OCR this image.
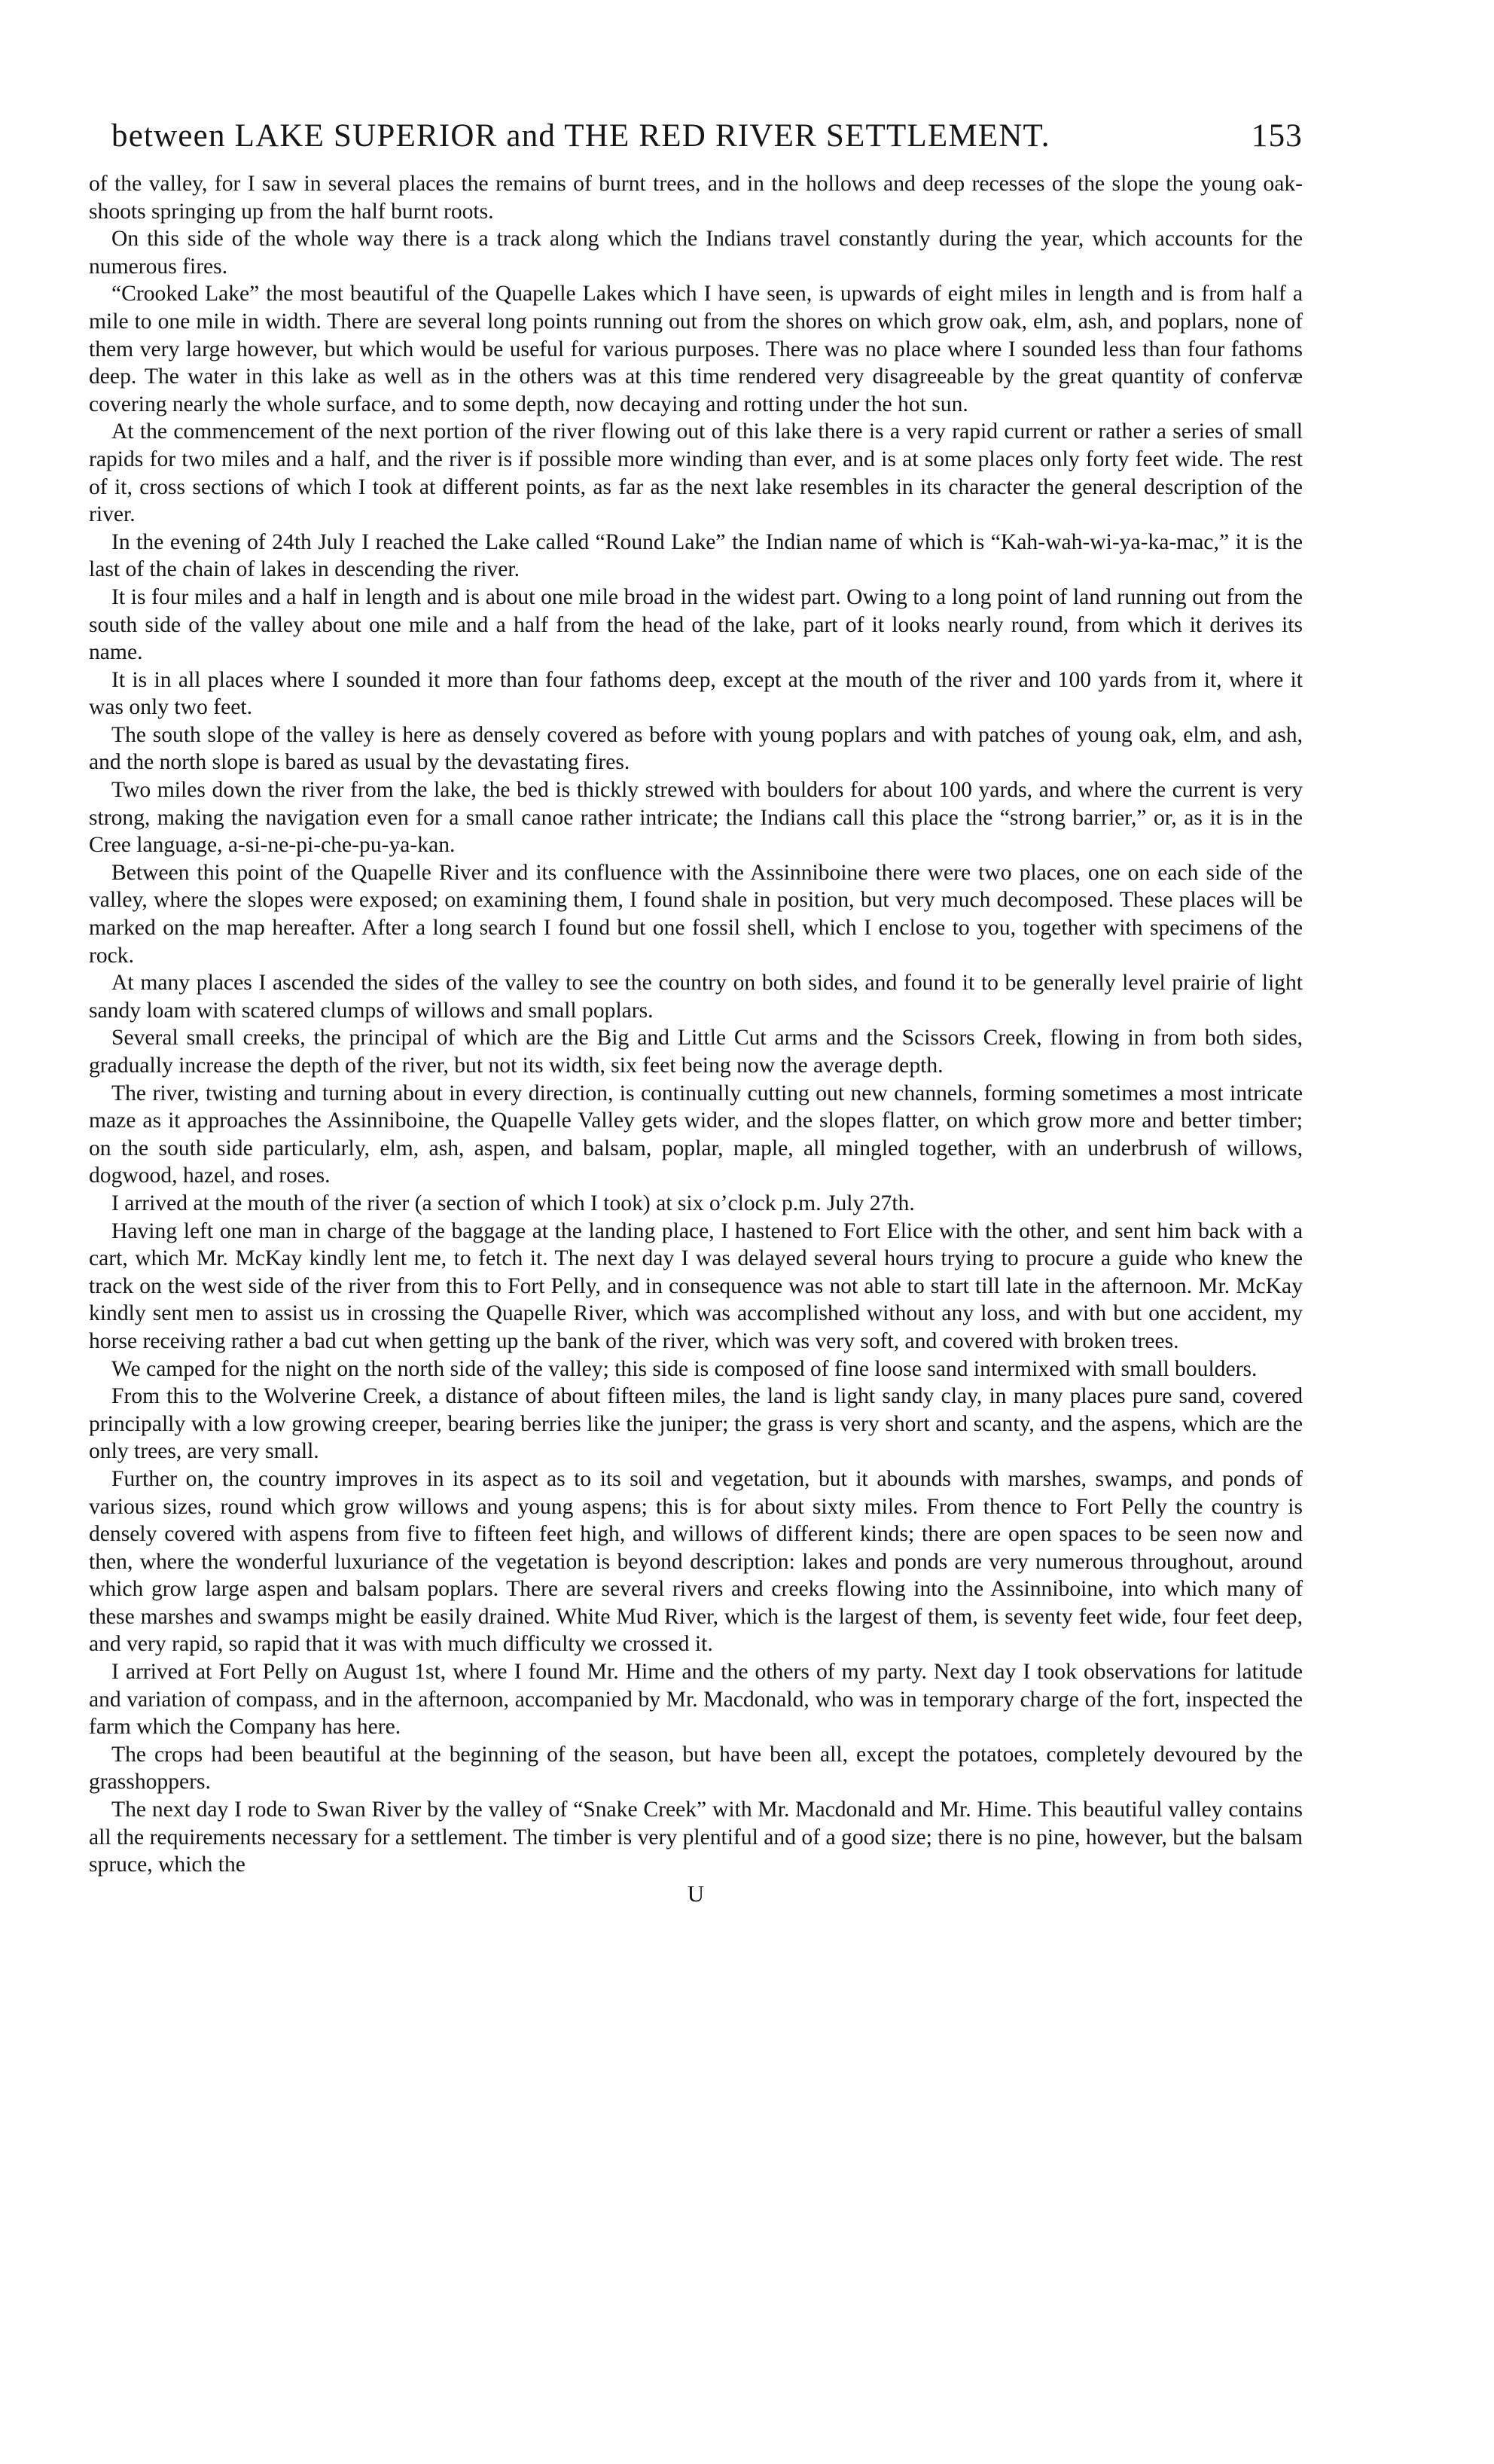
between LAKE SUPERIOR and THE RED RIVER SETTLEMENT.	153

of the valley, for I saw in several places the remains of burnt trees, and in the hollows and deep recesses of the slope the young oak-shoots springing up from the half burnt roots.

On this side of the whole way there is a track along which the Indians travel constantly during the year, which accounts for the numerous fires.

“Crooked Lake” the most beautiful of the Quapelle Lakes which I have seen, is upwards of eight miles in length and is from half a mile to one mile in width. There are several long points running out from the shores on which grow oak, elm, ash, and poplars, none of them very large however, but which would be useful for various purposes. There was no place where I sounded less than four fathoms deep. The water in this lake as well as in the others was at this time rendered very disagreeable by the great quantity of confervæ covering nearly the whole surface, and to some depth, now decaying and rotting under the hot sun.

At the commencement of the next portion of the river flowing out of this lake there is a very rapid current or rather a series of small rapids for two miles and a half, and the river is if possible more winding than ever, and is at some places only forty feet wide. The rest of it, cross sections of which I took at different points, as far as the next lake resembles in its character the general description of the river.

In the evening of 24th July I reached the Lake called “Round Lake” the Indian name of which is “Kah-wah-wi-ya-ka-mac,” it is the last of the chain of lakes in descending the river.

It is four miles and a half in length and is about one mile broad in the widest part. Owing to a long point of land running out from the south side of the valley about one mile and a half from the head of the lake, part of it looks nearly round, from which it derives its name.

It is in all places where I sounded it more than four fathoms deep, except at the mouth of the river and 100 yards from it, where it was only two feet.

The south slope of the valley is here as densely covered as before with young poplars and with patches of young oak, elm, and ash, and the north slope is bared as usual by the devastating fires.

Two miles down the river from the lake, the bed is thickly strewed with boulders for about 100 yards, and where the current is very strong, making the navigation even for a small canoe rather intricate; the Indians call this place the “strong barrier,” or, as it is in the Cree language, a-si-ne-pi-che-pu-ya-kan.

Between this point of the Quapelle River and its confluence with the Assinniboine there were two places, one on each side of the valley, where the slopes were exposed; on examining them, I found shale in position, but very much decomposed. These places will be marked on the map hereafter. After a long search I found but one fossil shell, which I enclose to you, together with specimens of the rock.

At many places I ascended the sides of the valley to see the country on both sides, and found it to be generally level prairie of light sandy loam with scatered clumps of willows and small poplars.

Several small creeks, the principal of which are the Big and Little Cut arms and the Scissors Creek, flowing in from both sides, gradually increase the depth of the river, but not its width, six feet being now the average depth.

The river, twisting and turning about in every direction, is continually cutting out new channels, forming sometimes a most intricate maze as it approaches the Assinniboine, the Quapelle Valley gets wider, and the slopes flatter, on which grow more and better timber; on the south side particularly, elm, ash, aspen, and balsam, poplar, maple, all mingled together, with an underbrush of willows, dogwood, hazel, and roses.

I arrived at the mouth of the river (a section of which I took) at six o’clock p.m. July 27th.

Having left one man in charge of the baggage at the landing place, I hastened to Fort Elice with the other, and sent him back with a cart, which Mr. McKay kindly lent me, to fetch it. The next day I was delayed several hours trying to procure a guide who knew the track on the west side of the river from this to Fort Pelly, and in consequence was not able to start till late in the afternoon. Mr. McKay kindly sent men to assist us in crossing the Quapelle River, which was accomplished without any loss, and with but one accident, my horse receiving rather a bad cut when getting up the bank of the river, which was very soft, and covered with broken trees.

We camped for the night on the north side of the valley; this side is composed of fine loose sand intermixed with small boulders.

From this to the Wolverine Creek, a distance of about fifteen miles, the land is light sandy clay, in many places pure sand, covered principally with a low growing creeper, bearing berries like the juniper; the grass is very short and scanty, and the aspens, which are the only trees, are very small.

Further on, the country improves in its aspect as to its soil and vegetation, but it abounds with marshes, swamps, and ponds of various sizes, round which grow willows and young aspens; this is for about sixty miles. From thence to Fort Pelly the country is densely covered with aspens from five to fifteen feet high, and willows of different kinds; there are open spaces to be seen now and then, where the wonderful luxuriance of the vegetation is beyond description: lakes and ponds are very numerous throughout, around which grow large aspen and balsam poplars. There are several rivers and creeks flowing into the Assinniboine, into which many of these marshes and swamps might be easily drained. White Mud River, which is the largest of them, is seventy feet wide, four feet deep, and very rapid, so rapid that it was with much difficulty we crossed it.

I arrived at Fort Pelly on August 1st, where I found Mr. Hime and the others of my party. Next day I took observations for latitude and variation of compass, and in the afternoon, accompanied by Mr. Macdonald, who was in temporary charge of the fort, inspected the farm which the Company has here.

The crops had been beautiful at the beginning of the season, but have been all, except the potatoes, completely devoured by the grasshoppers.

The next day I rode to Swan River by the valley of “Snake Creek” with Mr. Macdonald and Mr. Hime. This beautiful valley contains all the requirements necessary for a settlement. The timber is very plentiful and of a good size; there is no pine, however, but the balsam spruce, which the

U
